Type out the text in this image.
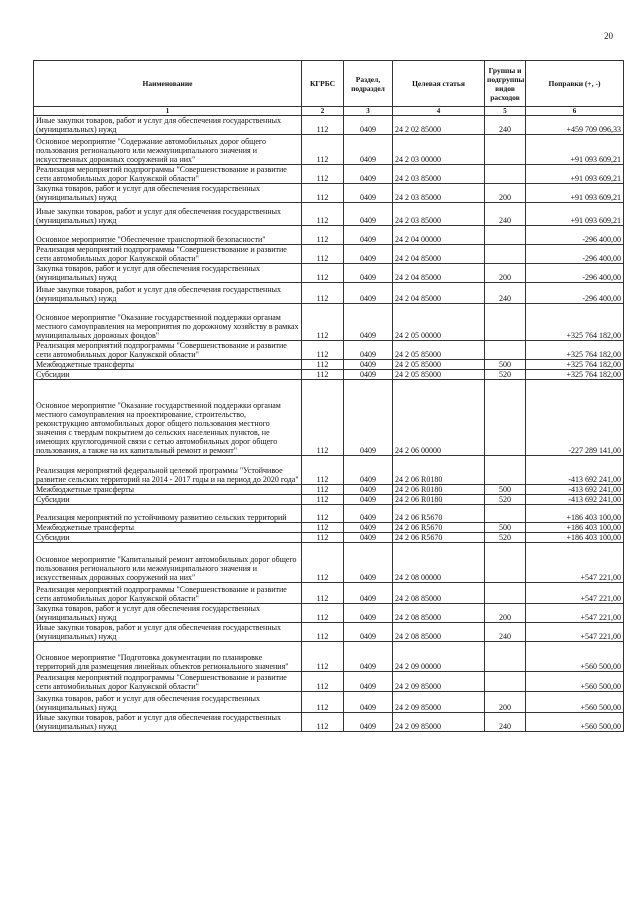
20
Наименование	КГРБС	Раздел, подраздел	Целевая статья	Группы и подгруппы видов расходов	Поправки (+, -)
1	2	3	4	5	6
Иные закупки товаров, работ и услуг для обеспечения государственных (муниципальных) нужд	112	0409	24 2 02 85000	240	+459 709 096,33
Основное мероприятие "Содержание автомобильных дорог общего пользования регионального или межмуниципального значения и искусственных дорожных сооружений на них"	112	0409	24 2 03 00000		+91 093 609,21
Реализация мероприятий подпрограммы "Совершенствование и развитие сети автомобильных дорог Калужской области"	112	0409	24 2 03 85000		+91 093 609,21
Закупка товаров, работ и услуг для обеспечения государственных (муниципальных) нужд	112	0409	24 2 03 85000	200	+91 093 609,21
Иные закупки товаров, работ и услуг для обеспечения государственных (муниципальных) нужд	112	0409	24 2 03 85000	240	+91 093 609,21
Основное мероприятие "Обеспечение транспортной безопасности"	112	0409	24 2 04 00000		-296 400,00
Реализация мероприятий подпрограммы "Совершенствование и развитие сети автомобильных дорог Калужской области"	112	0409	24 2 04 85000		-296 400,00
Закупка товаров, работ и услуг для обеспечения государственных (муниципальных) нужд	112	0409	24 2 04 85000	200	-296 400,00
Иные закупки товаров, работ и услуг для обеспечения государственных (муниципальных) нужд	112	0409	24 2 04 85000	240	-296 400,00
Основное мероприятие "Оказание государственной поддержки органам местного самоуправления на мероприятия по дорожному хозяйству в рамках муниципальных дорожных фондов"	112	0409	24 2 05 00000		+325 764 182,00
Реализация мероприятий подпрограммы "Совершенствование и развитие сети автомобильных дорог Калужской области"	112	0409	24 2 05 85000		+325 764 182,00
Межбюджетные трансферты	112	0409	24 2 05 85000	500	+325 764 182,00
Субсидии	112	0409	24 2 05 85000	520	+325 764 182,00
Основное мероприятие "Оказание государственной поддержки органам местного самоуправления на проектирование, строительство, реконструкцию автомобильных дорог общего пользования местного значения с твердым покрытием до сельских населенных пунктов, не имеющих круглогодичной связи с сетью автомобильных дорог общего пользования, а также на их капитальный ремонт и ремонт"	112	0409	24 2 06 00000		-227 289 141,00
Реализация мероприятий федеральной целевой программы "Устойчивое развитие сельских территорий на 2014 - 2017 годы и на период до 2020 года"	112	0409	24 2 06 R0180		-413 692 241,00
Межбюджетные трансферты	112	0409	24 2 06 R0180	500	-413 692 241,00
Субсидии	112	0409	24 2 06 R0180	520	-413 692 241,00
Реализация мероприятий по устойчивому развитию сельских территорий	112	0409	24 2 06 R5670		+186 403 100,00
Межбюджетные трансферты	112	0409	24 2 06 R5670	500	+186 403 100,00
Субсидии	112	0409	24 2 06 R5670	520	+186 403 100,00
Основное мероприятие "Капитальный ремонт автомобильных дорог общего пользования регионального или межмуниципального значения и искусственных дорожных сооружений на них"	112	0409	24 2 08 00000		+547 221,00
Реализация мероприятий подпрограммы "Совершенствование и развитие сети автомобильных дорог Калужской области"	112	0409	24 2 08 85000		+547 221,00
Закупка товаров, работ и услуг для обеспечения государственных (муниципальных) нужд	112	0409	24 2 08 85000	200	+547 221,00
Иные закупки товаров, работ и услуг для обеспечения государственных (муниципальных) нужд	112	0409	24 2 08 85000	240	+547 221,00
Основное мероприятие "Подготовка документации по планировке территорий для размещения линейных объектов регионального значения"	112	0409	24 2 09 00000		+560 500,00
Реализация мероприятий подпрограммы "Совершенствование и развитие сети автомобильных дорог Калужской области"	112	0409	24 2 09 85000		+560 500,00
Закупка товаров, работ и услуг для обеспечения государственных (муниципальных) нужд	112	0409	24 2 09 85000	200	+560 500,00
Иные закупки товаров, работ и услуг для обеспечения государственных (муниципальных) нужд	112	0409	24 2 09 85000	240	+560 500,00
